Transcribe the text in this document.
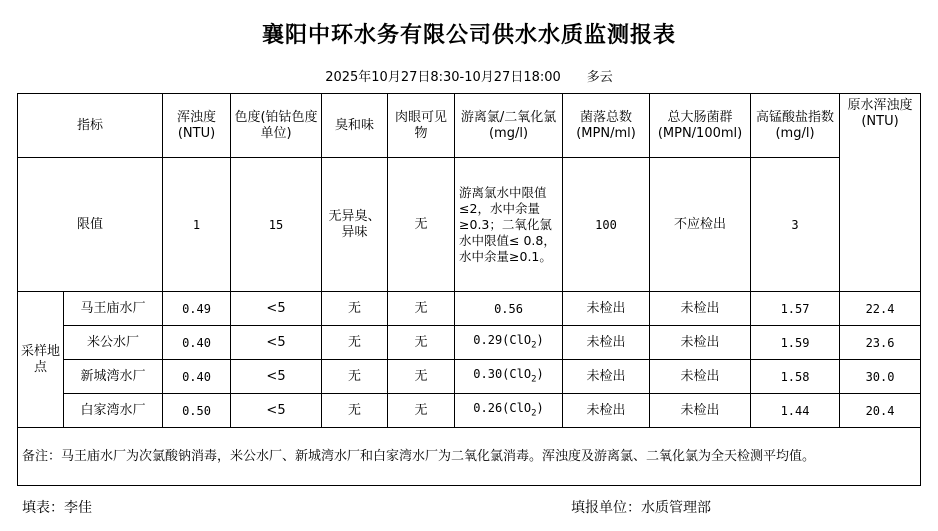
襄阳中环水务有限公司供水水质监测报表
2025年10月27日8:30-10月27日18:00 多云
指标		浑浊度(NTU)	色度(铂钴色度单位)	臭和味	肉眼可见物	游离氯/二氧化氯(mg/l)	菌落总数(MPN/ml)	总大肠菌群(MPN/100ml)	高锰酸盐指数(mg/l)	原水浑浊度(NTU)
限值		1	15	无异臭、异味	无	游离氯水中限值 ≤2，水中余量≥0.3；二氧化氯水中限值≤ 0.8，水中余量≥0.1。	100	不应检出	3	
采样地点	马王庙水厂	0.49	<5	无	无	0.56	未检出	未检出	1.57	22.4
	米公水厂	0.40	<5	无	无	0.29(ClO$_2$)	未检出	未检出	1.59	23.6
	新城湾水厂	0.40	<5	无	无	0.30(ClO$_2$)	未检出	未检出	1.58	30.0
	白家湾水厂	0.50	<5	无	无	0.26(ClO$_2$)	未检出	未检出	1.44	20.4
备注：马王庙水厂为次氯酸钠消毒，米公水厂、新城湾水厂和白家湾水厂为二氧化氯消毒。浑浊度及游离氯、二氧化氯为全天检测平均值。										
填表：李佳	填报单位：水质管理部
